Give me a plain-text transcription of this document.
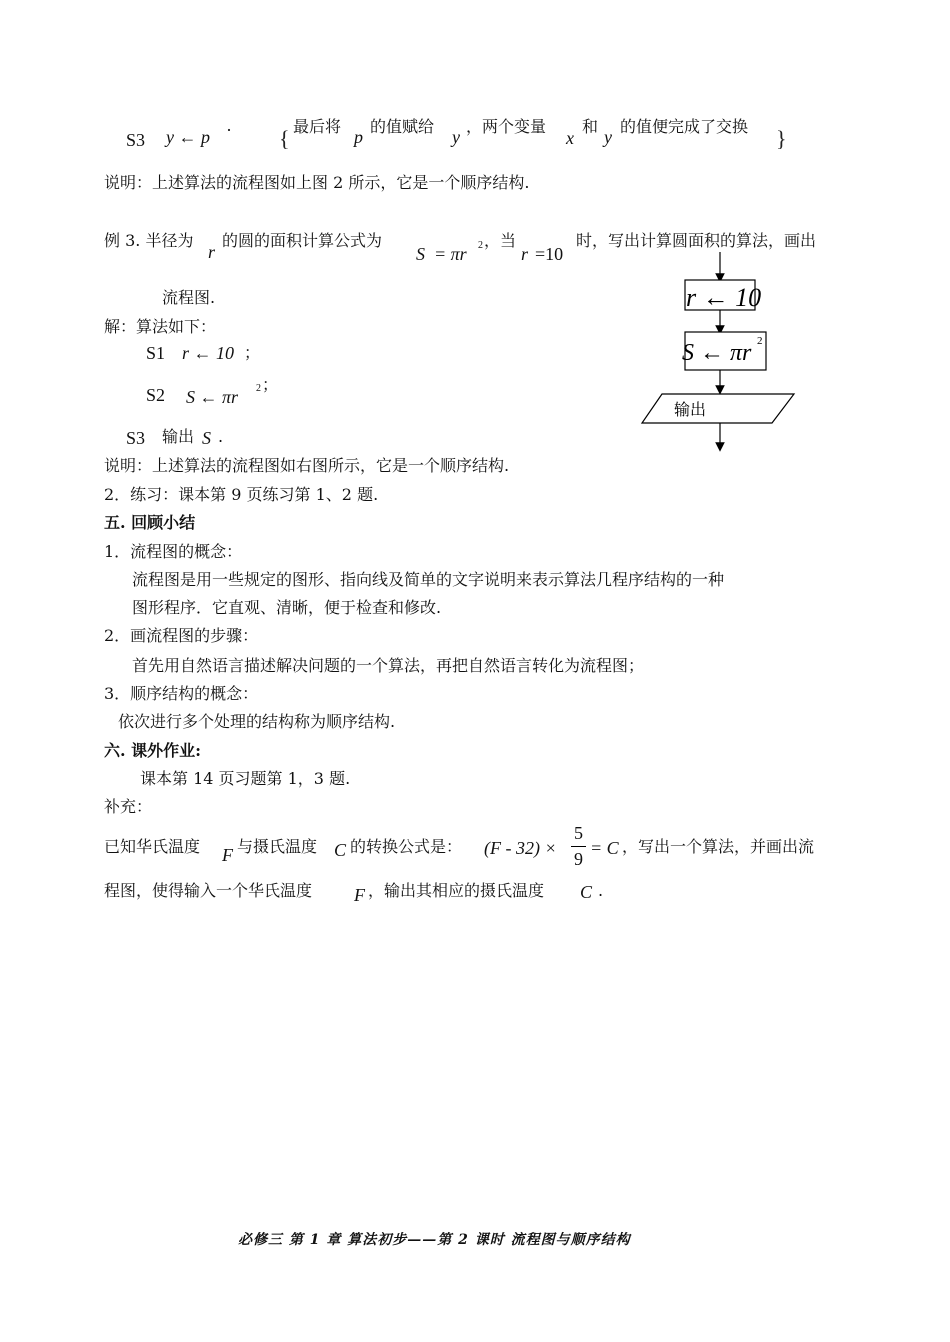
S3 y ← p · { 最后将
p
的值赋给
y
，两个变量
x
和
y
的值便完成了交换 }
说明：上述算法的流程图如上图 2 所示，它是一个顺序结构.
例 3. 半径为
r
的圆的面积计算公式为
S = πr 2 ，当
r =10
时，写出计算圆面积的算法，画出
流程图.
解：算法如下：
S1 r ← 10 ；
S2 S ← πr 2 ；
S3 输出 S .
r ← 10
S ← πr 2
输出
说明：上述算法的流程图如右图所示，它是一个顺序结构.
2．练习：课本第 9 页练习第 1、2 题.
五. 回顾小结
1．流程图的概念：
流程图是用一些规定的图形、指向线及简单的文字说明来表示算法几程序结构的一种
图形程序．它直观、清晰，便于检查和修改.
2．画流程图的步骤：
首先用自然语言描述解决问题的一个算法，再把自然语言转化为流程图；
3．顺序结构的概念：
依次进行多个处理的结构称为顺序结构.
六. 课外作业:
课本第 14 页习题第 1，3 题.
补充：
已知华氏温度 F 与摄氏温度 C 的转换公式是： (F - 32) ×
5
9
= C ，写出一个算法，并画出流
程图，使得输入一个华氏温度 F ，输出其相应的摄氏温度 C .
必修三 第 1 章 算法初步——第 2 课时 流程图与顺序结构
